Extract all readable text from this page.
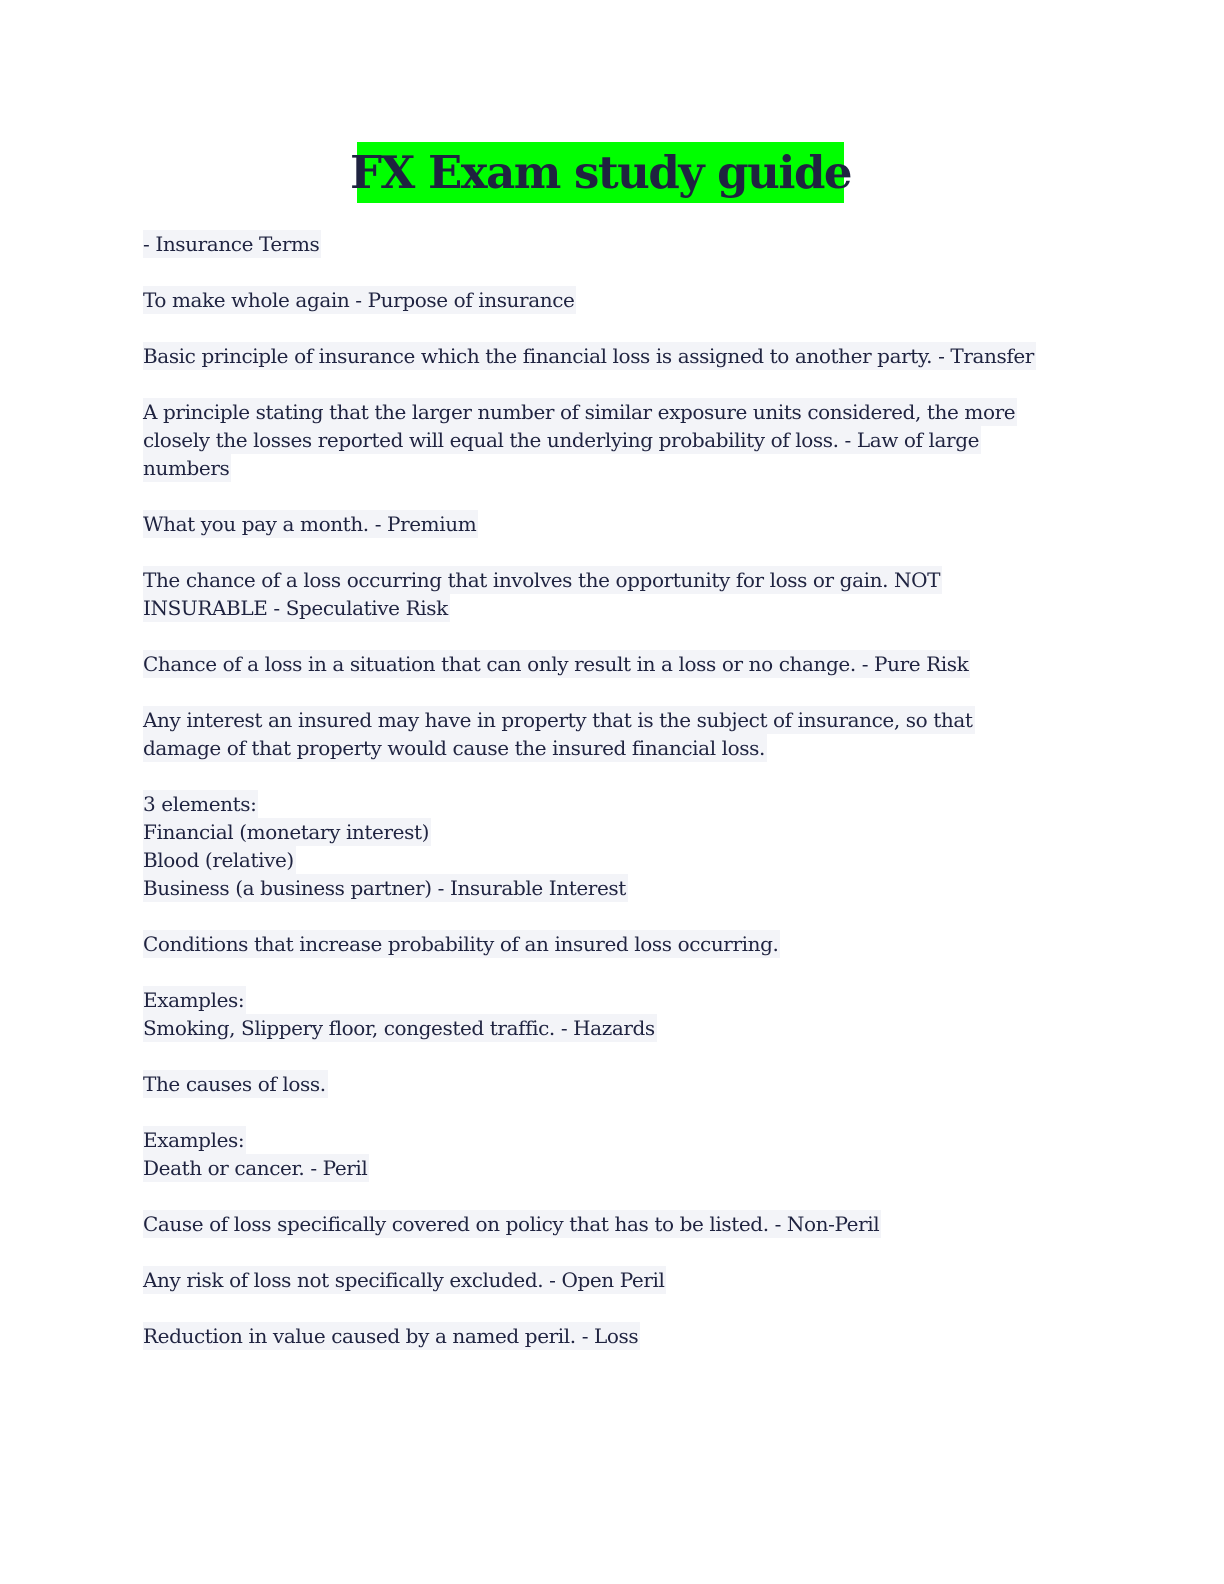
FX Exam study guide
- Insurance Terms
To make whole again - Purpose of insurance
Basic principle of insurance which the financial loss is assigned to another party. - Transfer
A principle stating that the larger number of similar exposure units considered, the more
closely the losses reported will equal the underlying probability of loss. - Law of large
numbers
What you pay a month. - Premium
The chance of a loss occurring that involves the opportunity for loss or gain. NOT
INSURABLE - Speculative Risk
Chance of a loss in a situation that can only result in a loss or no change. - Pure Risk
Any interest an insured may have in property that is the subject of insurance, so that
damage of that property would cause the insured financial loss.
3 elements:
Financial (monetary interest)
Blood (relative)
Business (a business partner) - Insurable Interest
Conditions that increase probability of an insured loss occurring.
Examples:
Smoking, Slippery floor, congested traffic. - Hazards
The causes of loss.
Examples:
Death or cancer. - Peril
Cause of loss specifically covered on policy that has to be listed. - Non-Peril
Any risk of loss not specifically excluded. - Open Peril
Reduction in value caused by a named peril. - Loss
